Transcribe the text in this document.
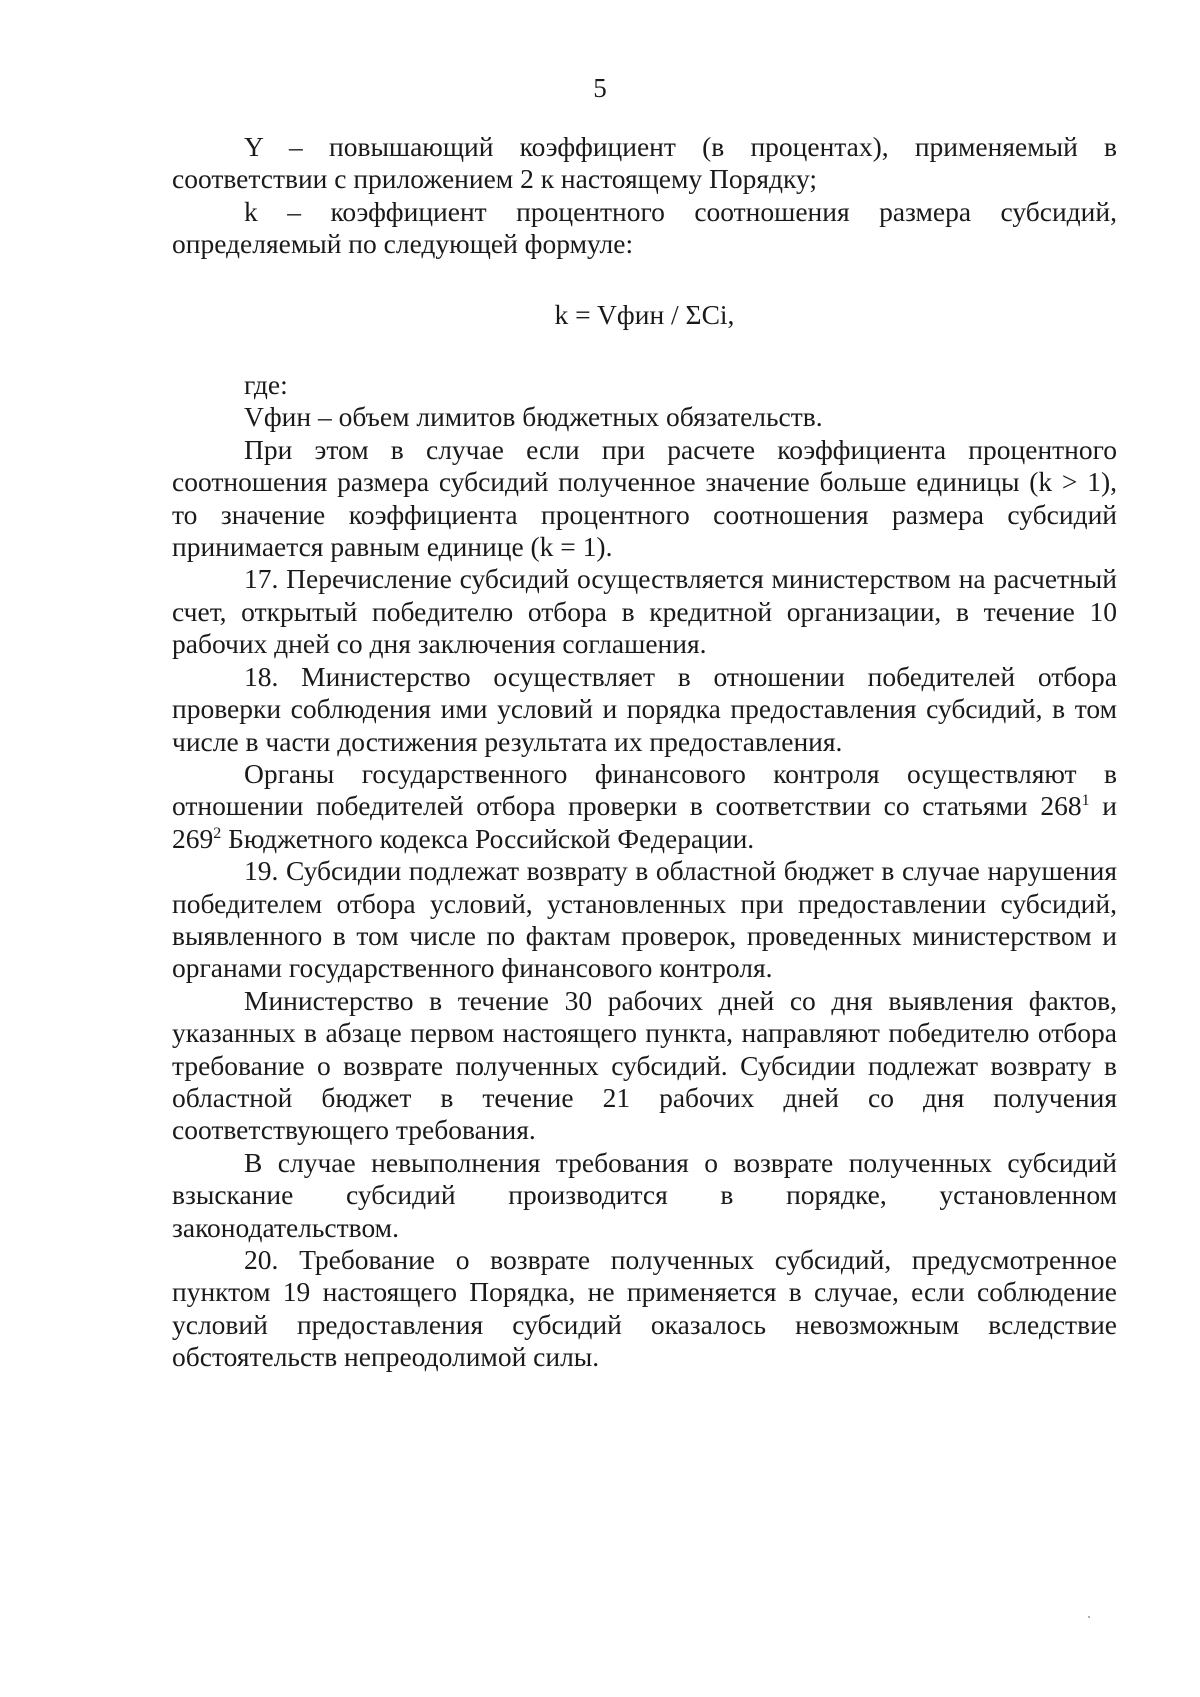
5

Y – повышающий коэффициент (в процентах), применяемый в соответствии с приложением 2 к настоящему Порядку;

k – коэффициент процентного соотношения размера субсидий, определяемый по следующей формуле:

k = Vфин / ΣCi,

где:

Vфин – объем лимитов бюджетных обязательств.

При этом в случае если при расчете коэффициента процентного соотношения размера субсидий полученное значение больше единицы (k > 1), то значение коэффициента процентного соотношения размера субсидий принимается равным единице (k = 1).

17. Перечисление субсидий осуществляется министерством на расчетный счет, открытый победителю отбора в кредитной организации, в течение 10 рабочих дней со дня заключения соглашения.

18. Министерство осуществляет в отношении победителей отбора проверки соблюдения ими условий и порядка предоставления субсидий, в том числе в части достижения результата их предоставления.

Органы государственного финансового контроля осуществляют в отношении победителей отбора проверки в соответствии со статьями $268^1$ и $269^2$ Бюджетного кодекса Российской Федерации.

19. Субсидии подлежат возврату в областной бюджет в случае нарушения победителем отбора условий, установленных при предоставлении субсидий, выявленного в том числе по фактам проверок, проведенных министерством и органами государственного финансового контроля.

Министерство в течение 30 рабочих дней со дня выявления фактов, указанных в абзаце первом настоящего пункта, направляют победителю отбора требование о возврате полученных субсидий. Субсидии подлежат возврату в областной бюджет в течение 21 рабочих дней со дня получения соответствующего требования.

В случае невыполнения требования о возврате полученных субсидий взыскание субсидий производится в порядке, установленном законодательством.

20. Требование о возврате полученных субсидий, предусмотренное пунктом 19 настоящего Порядка, не применяется в случае, если соблюдение условий предоставления субсидий оказалось невозможным вследствие обстоятельств непреодолимой силы.
